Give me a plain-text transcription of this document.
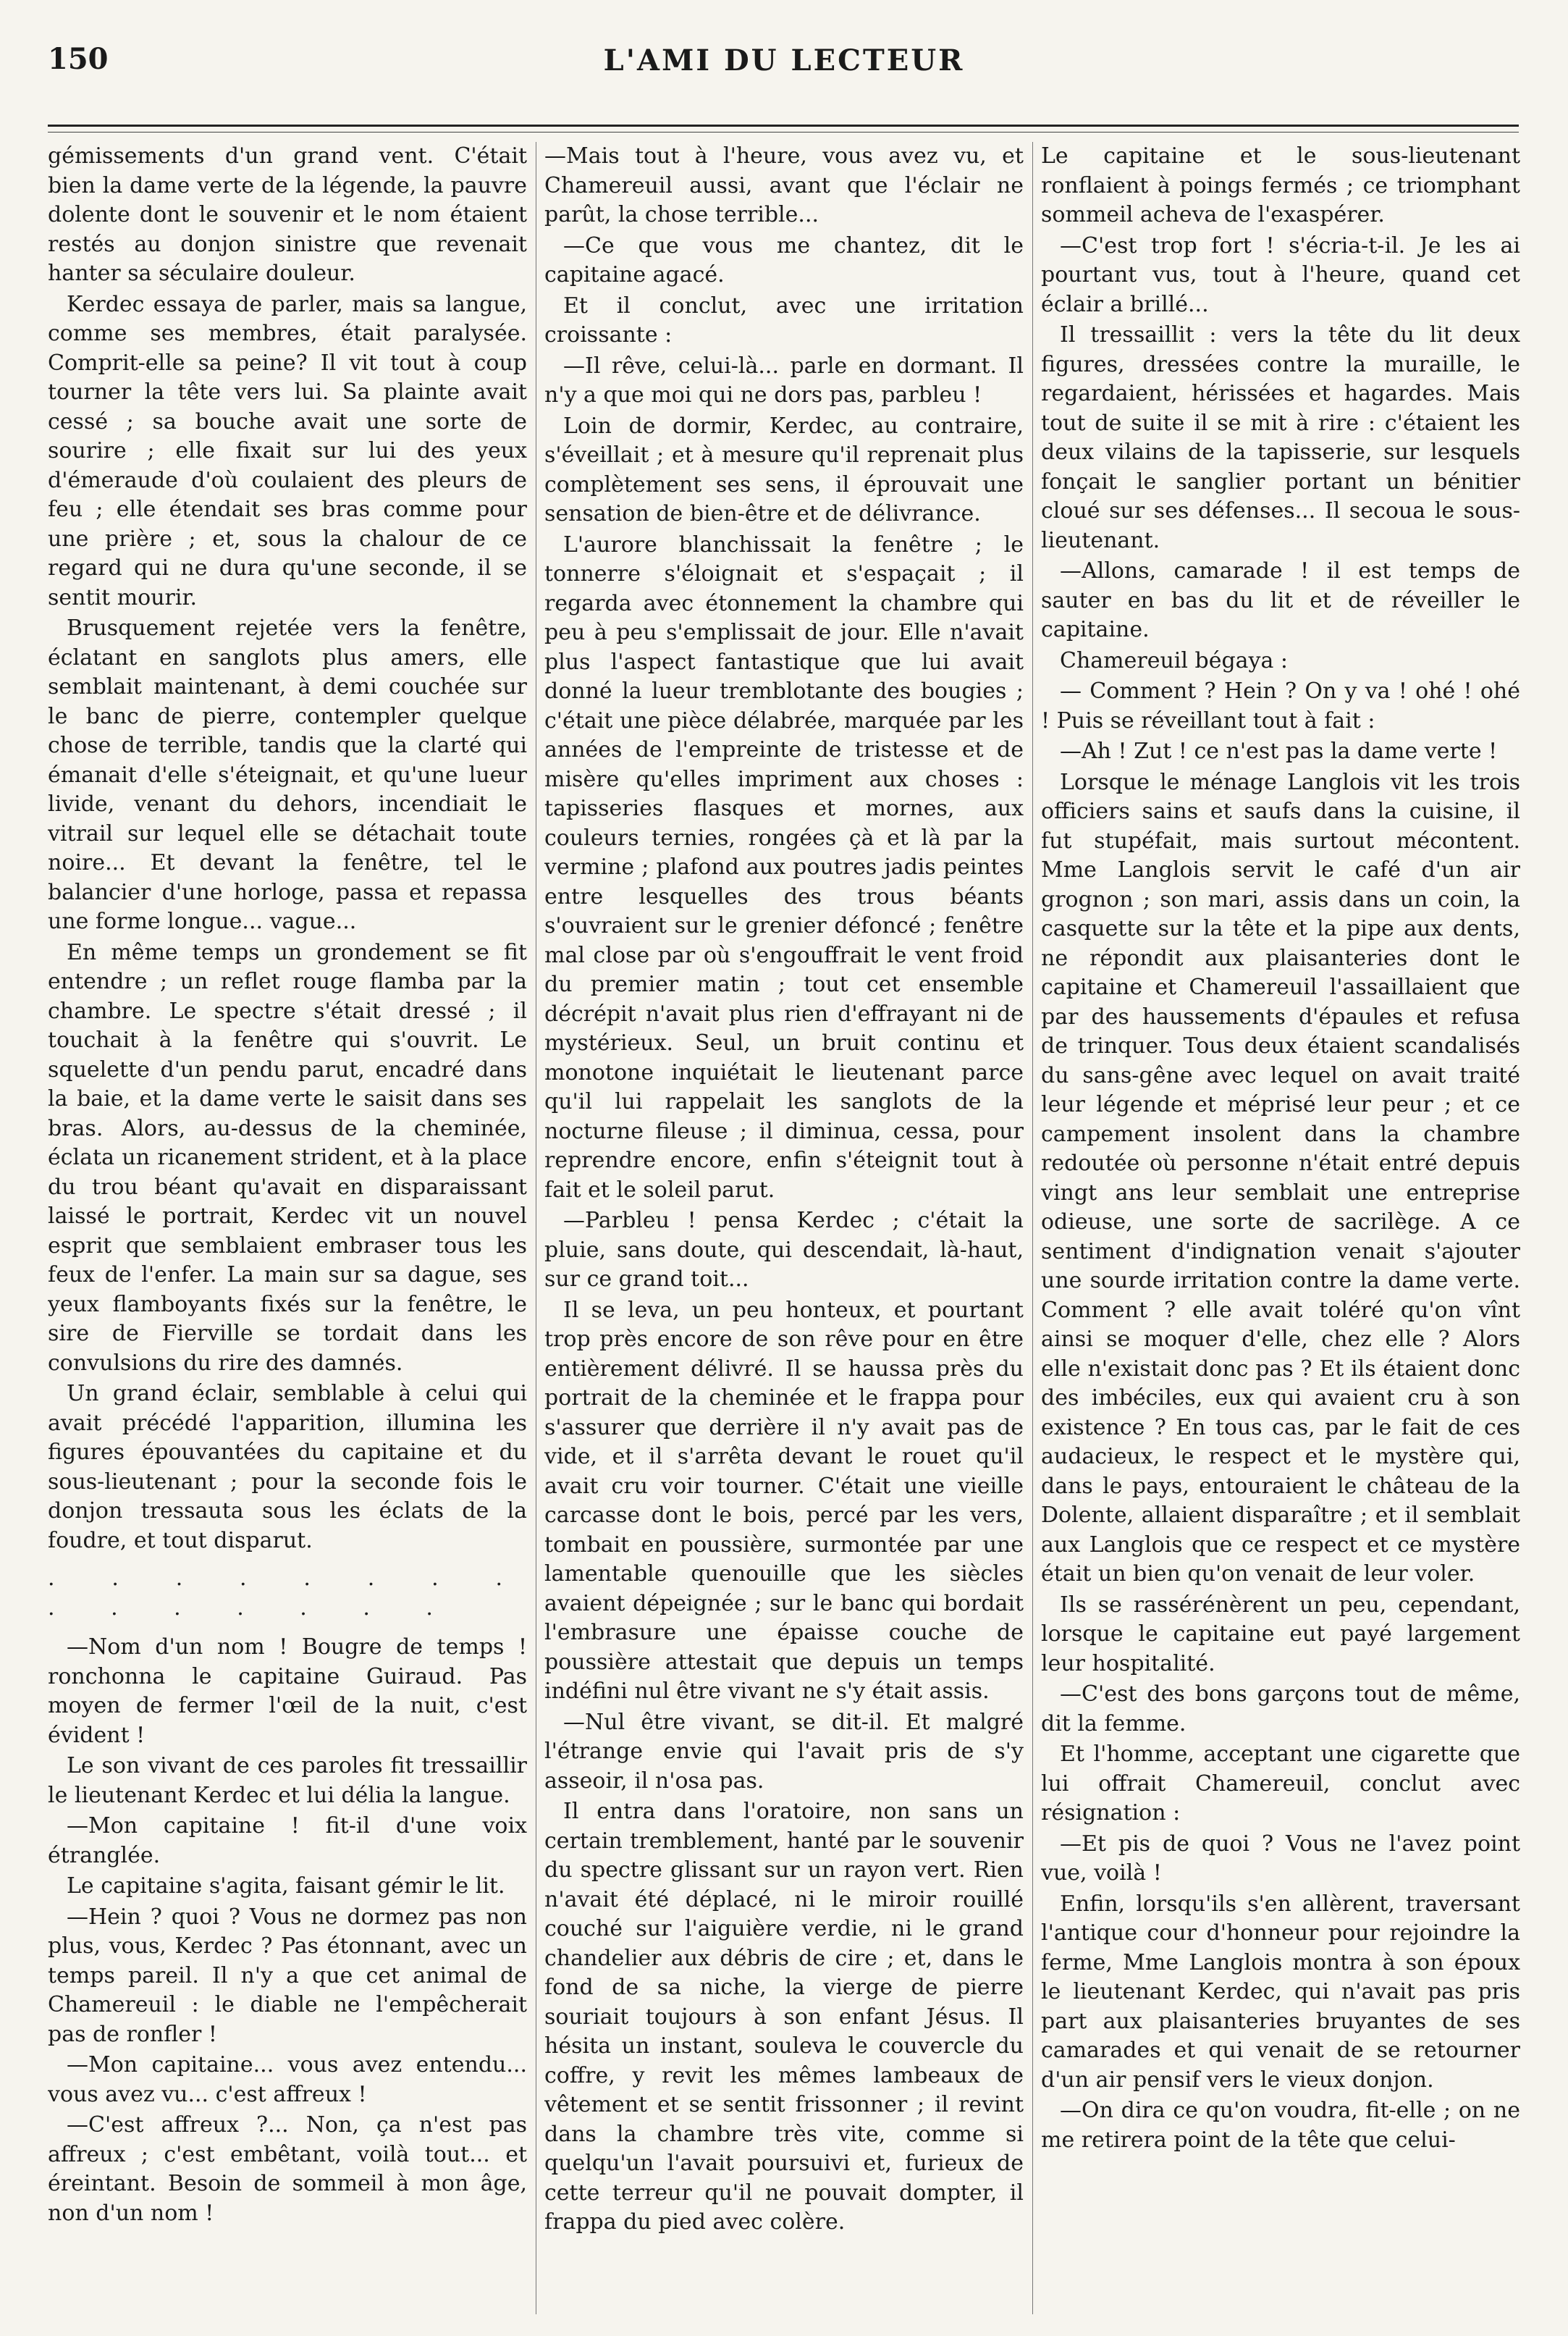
150	L'AMI DU LECTEUR

gémissements d'un grand vent. C'était bien la dame verte de la légende, la pauvre dolente dont le souvenir et le nom étaient restés au donjon sinistre que revenait hanter sa séculaire douleur.

Kerdec essaya de parler, mais sa langue, comme ses membres, était paralysée. Comprit-elle sa peine? Il vit tout à coup tourner la tête vers lui. Sa plainte avait cessé ; sa bouche avait une sorte de sourire ; elle fixait sur lui des yeux d'émeraude d'où coulaient des pleurs de feu ; elle étendait ses bras comme pour une prière ; et, sous la chalour de ce regard qui ne dura qu'une seconde, il se sentit mourir.

Brusquement rejetée vers la fenêtre, éclatant en sanglots plus amers, elle semblait maintenant, à demi couchée sur le banc de pierre, contempler quelque chose de terrible, tandis que la clarté qui émanait d'elle s'éteignait, et qu'une lueur livide, venant du dehors, incendiait le vitrail sur lequel elle se détachait toute noire... Et devant la fenêtre, tel le balancier d'une horloge, passa et repassa une forme longue... vague...

En même temps un grondement se fit entendre ; un reflet rouge flamba par la chambre. Le spectre s'était dressé ; il touchait à la fenêtre qui s'ouvrit. Le squelette d'un pendu parut, encadré dans la baie, et la dame verte le saisit dans ses bras. Alors, au-dessus de la cheminée, éclata un ricanement strident, et à la place du trou béant qu'avait en disparaissant laissé le portrait, Kerdec vit un nouvel esprit que semblaient embraser tous les feux de l'enfer. La main sur sa dague, ses yeux flamboyants fixés sur la fenêtre, le sire de Fierville se tordait dans les convulsions du rire des damnés.

Un grand éclair, semblable à celui qui avait précédé l'apparition, illumina les figures épouvantées du capitaine et du sous-lieutenant ; pour la seconde fois le donjon tressauta sous les éclats de la foudre, et tout disparut.

. . . . . . . . . . . . . . .

—Nom d'un nom ! Bougre de temps ! ronchonna le capitaine Guiraud. Pas moyen de fermer l'œil de la nuit, c'est évident !

Le son vivant de ces paroles fit tressaillir le lieutenant Kerdec et lui délia la langue.

—Mon capitaine ! fit-il d'une voix étranglée.

Le capitaine s'agita, faisant gémir le lit.

—Hein ? quoi ? Vous ne dormez pas non plus, vous, Kerdec ? Pas étonnant, avec un temps pareil. Il n'y a que cet animal de Chamereuil : le diable ne l'empêcherait pas de ronfler !

—Mon capitaine... vous avez entendu... vous avez vu... c'est affreux !

—C'est affreux ?... Non, ça n'est pas affreux ; c'est embêtant, voilà tout... et éreintant. Besoin de sommeil à mon âge, non d'un nom !

—Mais tout à l'heure, vous avez vu, et Chamereuil aussi, avant que l'éclair ne parût, la chose terrible...

—Ce que vous me chantez, dit le capitaine agacé.

Et il conclut, avec une irritation croissante :

—Il rêve, celui-là... parle en dormant. Il n'y a que moi qui ne dors pas, parbleu !

Loin de dormir, Kerdec, au contraire, s'éveillait ; et à mesure qu'il reprenait plus complètement ses sens, il éprouvait une sensation de bien-être et de délivrance.

L'aurore blanchissait la fenêtre ; le tonnerre s'éloignait et s'espaçait ; il regarda avec étonnement la chambre qui peu à peu s'emplissait de jour. Elle n'avait plus l'aspect fantastique que lui avait donné la lueur tremblotante des bougies ; c'était une pièce délabrée, marquée par les années de l'empreinte de tristesse et de misère qu'elles impriment aux choses : tapisseries flasques et mornes, aux couleurs ternies, rongées çà et là par la vermine ; plafond aux poutres jadis peintes entre lesquelles des trous béants s'ouvraient sur le grenier défoncé ; fenêtre mal close par où s'engouffrait le vent froid du premier matin ; tout cet ensemble décrépit n'avait plus rien d'effrayant ni de mystérieux. Seul, un bruit continu et monotone inquiétait le lieutenant parce qu'il lui rappelait les sanglots de la nocturne fileuse ; il diminua, cessa, pour reprendre encore, enfin s'éteignit tout à fait et le soleil parut.

—Parbleu ! pensa Kerdec ; c'était la pluie, sans doute, qui descendait, là-haut, sur ce grand toit...

Il se leva, un peu honteux, et pourtant trop près encore de son rêve pour en être entièrement délivré. Il se haussa près du portrait de la cheminée et le frappa pour s'assurer que derrière il n'y avait pas de vide, et il s'arrêta devant le rouet qu'il avait cru voir tourner. C'était une vieille carcasse dont le bois, percé par les vers, tombait en poussière, surmontée par une lamentable quenouille que les siècles avaient dépeignée ; sur le banc qui bordait l'embrasure une épaisse couche de poussière attestait que depuis un temps indéfini nul être vivant ne s'y était assis.

—Nul être vivant, se dit-il. Et malgré l'étrange envie qui l'avait pris de s'y asseoir, il n'osa pas.

Il entra dans l'oratoire, non sans un certain tremblement, hanté par le souvenir du spectre glissant sur un rayon vert. Rien n'avait été déplacé, ni le miroir rouillé couché sur l'aiguière verdie, ni le grand chandelier aux débris de cire ; et, dans le fond de sa niche, la vierge de pierre souriait toujours à son enfant Jésus. Il hésita un instant, souleva le couvercle du coffre, y revit les mêmes lambeaux de vêtement et se sentit frissonner ; il revint dans la chambre très vite, comme si quelqu'un l'avait poursuivi et, furieux de cette terreur qu'il ne pouvait dompter, il frappa du pied avec colère.

Le capitaine et le sous-lieutenant ronflaient à poings fermés ; ce triomphant sommeil acheva de l'exaspérer.

—C'est trop fort ! s'écria-t-il. Je les ai pourtant vus, tout à l'heure, quand cet éclair a brillé...

Il tressaillit : vers la tête du lit deux figures, dressées contre la muraille, le regardaient, hérissées et hagardes. Mais tout de suite il se mit à rire : c'étaient les deux vilains de la tapisserie, sur lesquels fonçait le sanglier portant un bénitier cloué sur ses défenses... Il secoua le sous-lieutenant.

—Allons, camarade ! il est temps de sauter en bas du lit et de réveiller le capitaine.

Chamereuil bégaya :

— Comment ? Hein ? On y va ! ohé ! ohé ! Puis se réveillant tout à fait :

—Ah ! Zut ! ce n'est pas la dame verte !

Lorsque le ménage Langlois vit les trois officiers sains et saufs dans la cuisine, il fut stupéfait, mais surtout mécontent. Mme Langlois servit le café d'un air grognon ; son mari, assis dans un coin, la casquette sur la tête et la pipe aux dents, ne répondit aux plaisanteries dont le capitaine et Chamereuil l'assaillaient que par des haussements d'épaules et refusa de trinquer. Tous deux étaient scandalisés du sans-gêne avec lequel on avait traité leur légende et méprisé leur peur ; et ce campement insolent dans la chambre redoutée où personne n'était entré depuis vingt ans leur semblait une entreprise odieuse, une sorte de sacrilège. A ce sentiment d'indignation venait s'ajouter une sourde irritation contre la dame verte. Comment ? elle avait toléré qu'on vînt ainsi se moquer d'elle, chez elle ? Alors elle n'existait donc pas ? Et ils étaient donc des imbéciles, eux qui avaient cru à son existence ? En tous cas, par le fait de ces audacieux, le respect et le mystère qui, dans le pays, entouraient le château de la Dolente, allaient disparaître ; et il semblait aux Langlois que ce respect et ce mystère était un bien qu'on venait de leur voler.

Ils se rassérénèrent un peu, cependant, lorsque le capitaine eut payé largement leur hospitalité.

—C'est des bons garçons tout de même, dit la femme.

Et l'homme, acceptant une cigarette que lui offrait Chamereuil, conclut avec résignation :

—Et pis de quoi ? Vous ne l'avez point vue, voilà !

Enfin, lorsqu'ils s'en allèrent, traversant l'antique cour d'honneur pour rejoindre la ferme, Mme Langlois montra à son époux le lieutenant Kerdec, qui n'avait pas pris part aux plaisanteries bruyantes de ses camarades et qui venait de se retourner d'un air pensif vers le vieux donjon.

—On dira ce qu'on voudra, fit-elle ; on ne me retirera point de la tête que celui-
